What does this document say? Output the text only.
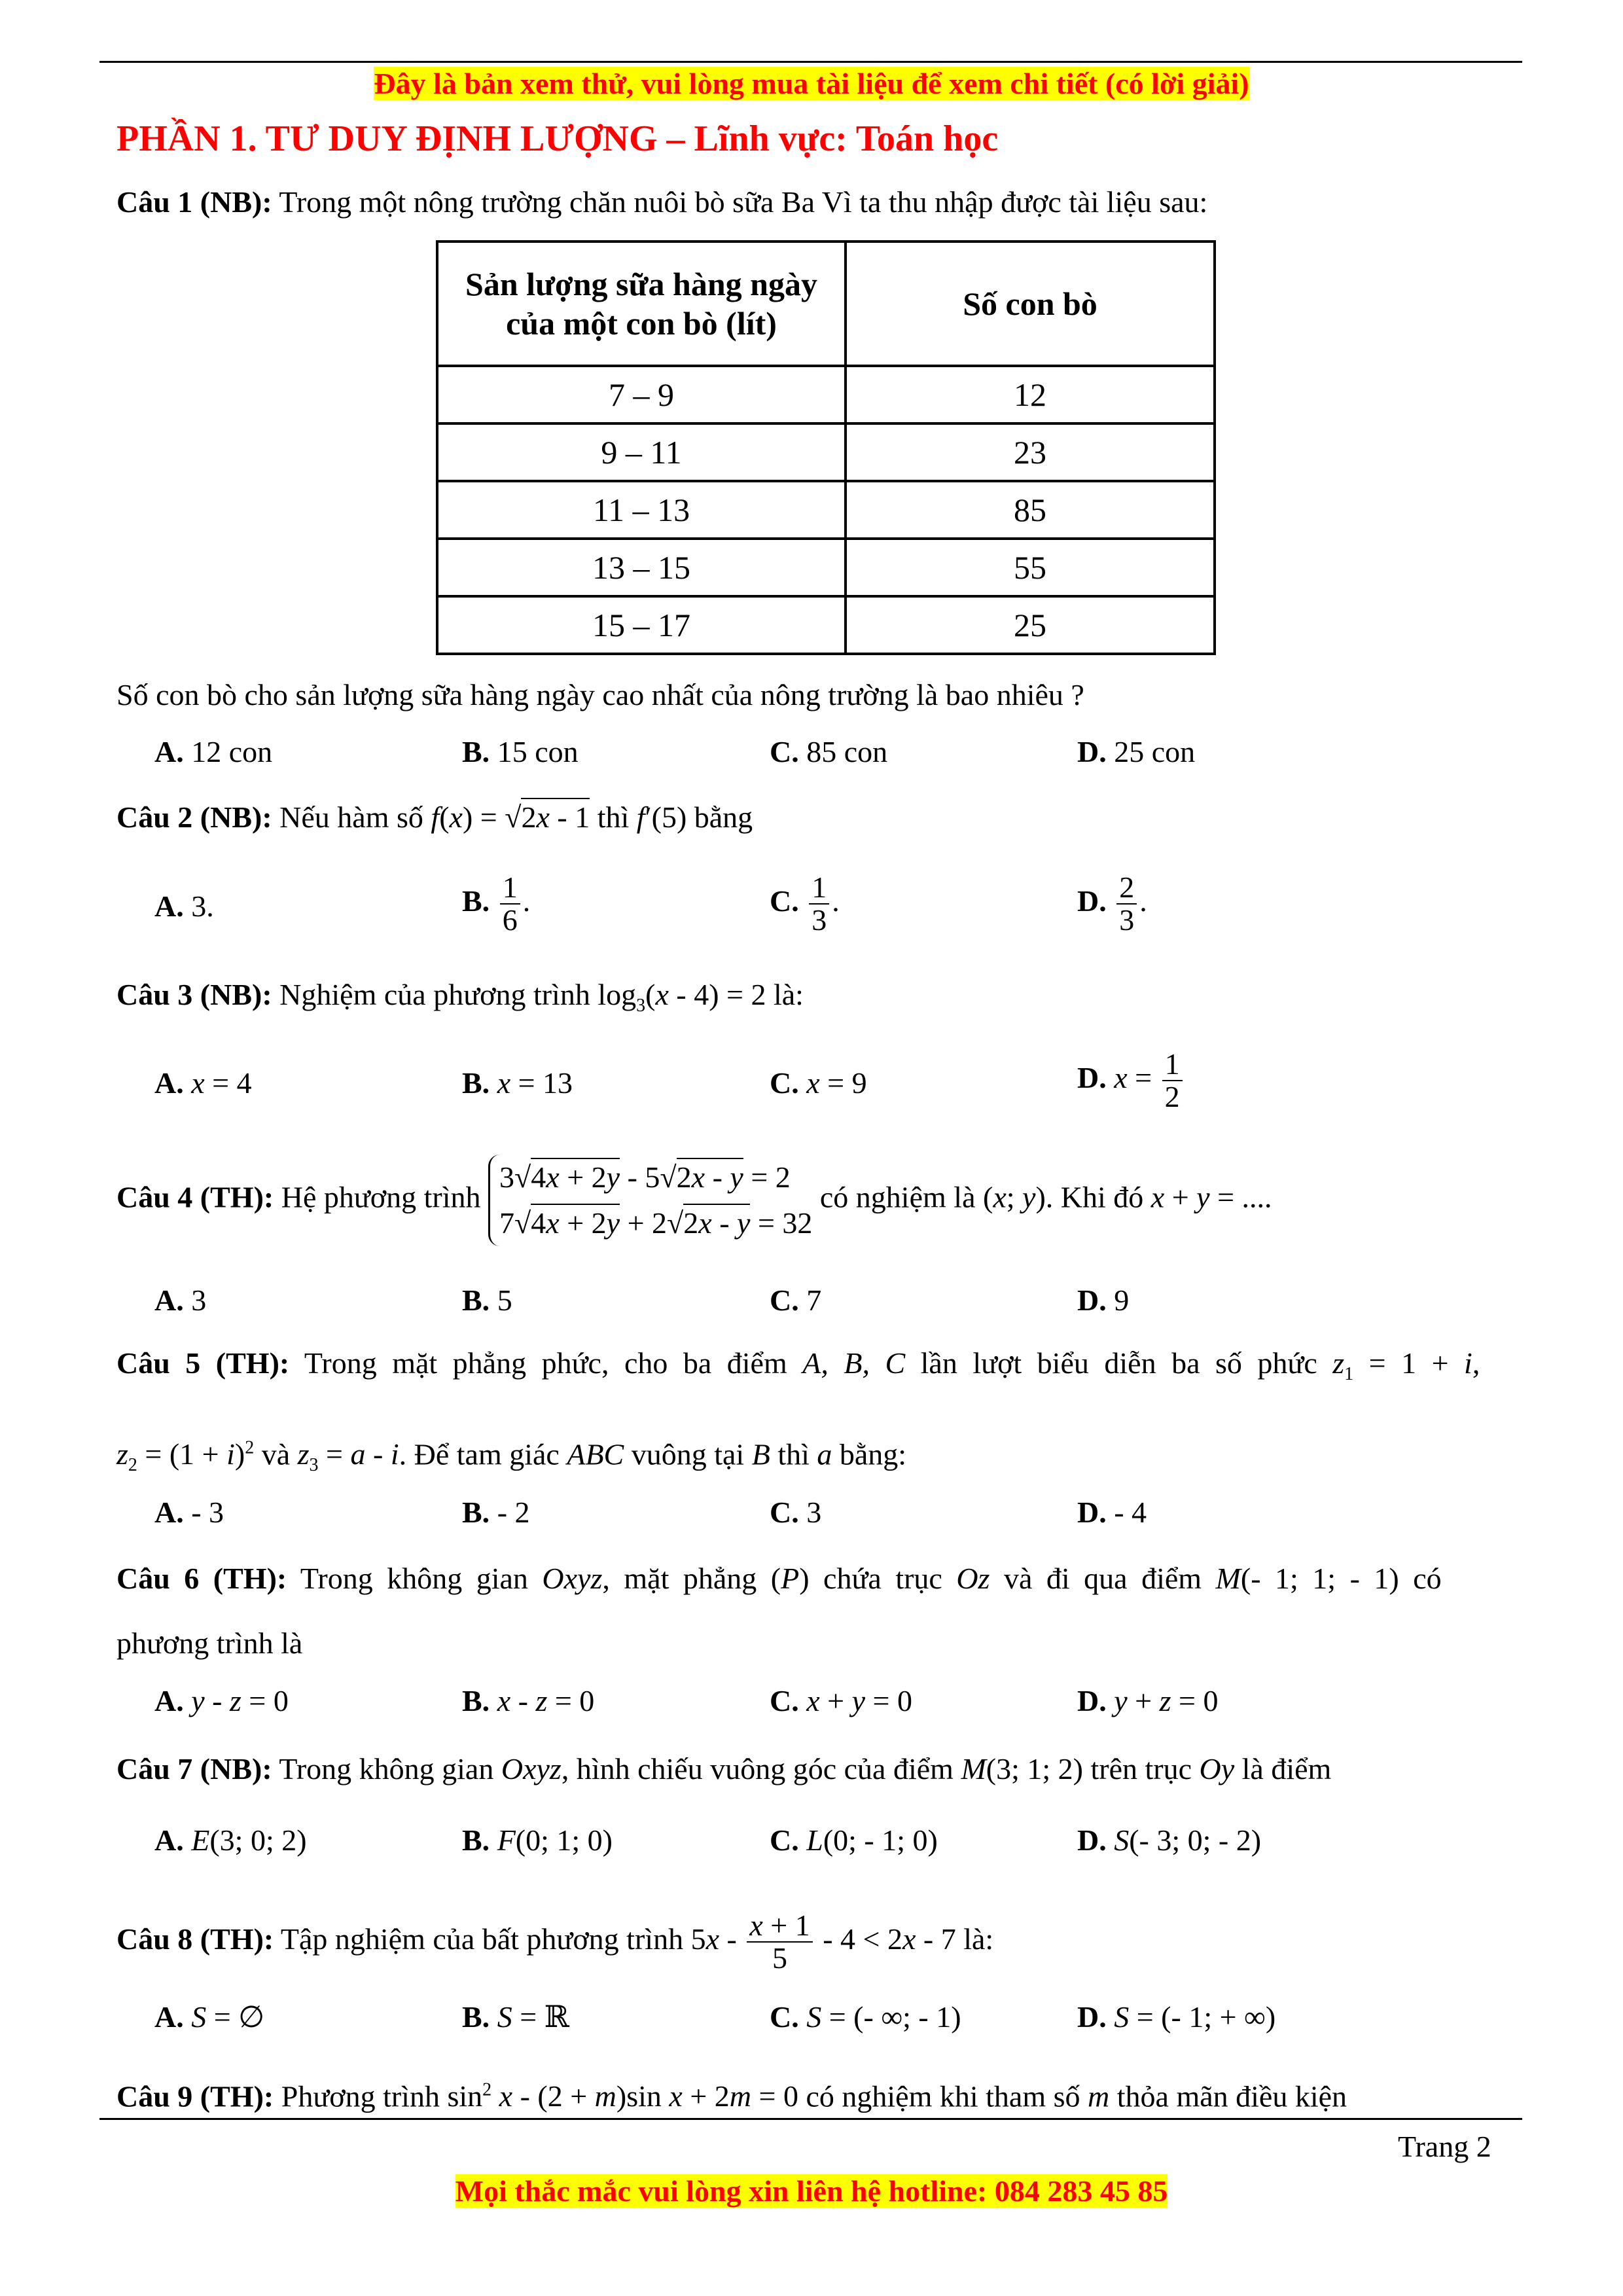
Đây là bản xem thử, vui lòng mua tài liệu để xem chi tiết (có lời giải)
PHẦN 1. TƯ DUY ĐỊNH LƯỢNG – Lĩnh vực: Toán học
Câu 1 (NB): Trong một nông trường chăn nuôi bò sữa Ba Vì ta thu nhập được tài liệu sau:
Sản lượng sữa hàng ngày của một con bò (lít)	Số con bò
7 – 9	12
9 – 11	23
11 – 13	85
13 – 15	55
15 – 17	25
Số con bò cho sản lượng sữa hàng ngày cao nhất của nông trường là bao nhiêu ?
A. 12 con	B. 15 con	C. 85 con	D. 25 con
Câu 2 (NB): Nếu hàm số f(x) = √2x - 1 thì f′(5) bằng
A. 3.	B. $\frac{1}{6}$ .	C. $\frac{1}{3}$ .	D. $\frac{2}{3}$ .
Câu 3 (NB): Nghiệm của phương trình $\log_3(x - 4) = 2$ là:
A. x = 4	B. x = 13	C. x = 9	D. $x = \frac{1}{2}$
Câu 4 (TH): Hệ phương trình 3√4x + 2y - 5√2x - y = 2
7√4x + 2y + 2√2x - y = 32 có nghiệm là (x; y). Khi đó x + y = ....
A. 3	B. 5	C. 7	D. 9
Câu 5 (TH): Trong mặt phẳng phức, cho ba điểm A, B, C lần lượt biểu diễn ba số phức $z_1 = 1 + i$,
$z_2 = (1 + i)^2$ và $z_3 = a - i$. Để tam giác ABC vuông tại B thì a bằng:
A. - 3	B. - 2	C. 3	D. - 4
Câu 6 (TH): Trong không gian Oxyz, mặt phẳng (P) chứa trục Oz và đi qua điểm M(- 1; 1; - 1) có
phương trình là
A. y - z = 0	B. x - z = 0	C. x + y = 0	D. y + z = 0
Câu 7 (NB): Trong không gian Oxyz, hình chiếu vuông góc của điểm M(3; 1; 2) trên trục Oy là điểm
A. E(3; 0; 2)	B. F(0; 1; 0)	C. L(0; - 1; 0)	D. S(- 3; 0; - 2)
Câu 8 (TH): Tập nghiệm của bất phương trình $5x - \frac{x + 1}{5} - 4 < 2x - 7$ là:
A. S = ∅	B. S = ℝ	C. S = (- ∞; - 1)	D. S = (- 1; + ∞)
Câu 9 (TH): Phương trình $\sin^2 x - (2 + m)\sin$ x + 2m = 0 có nghiệm khi tham số m thỏa mãn điều kiện
Trang 2
Mọi thắc mắc vui lòng xin liên hệ hotline: 084 283 45 85
